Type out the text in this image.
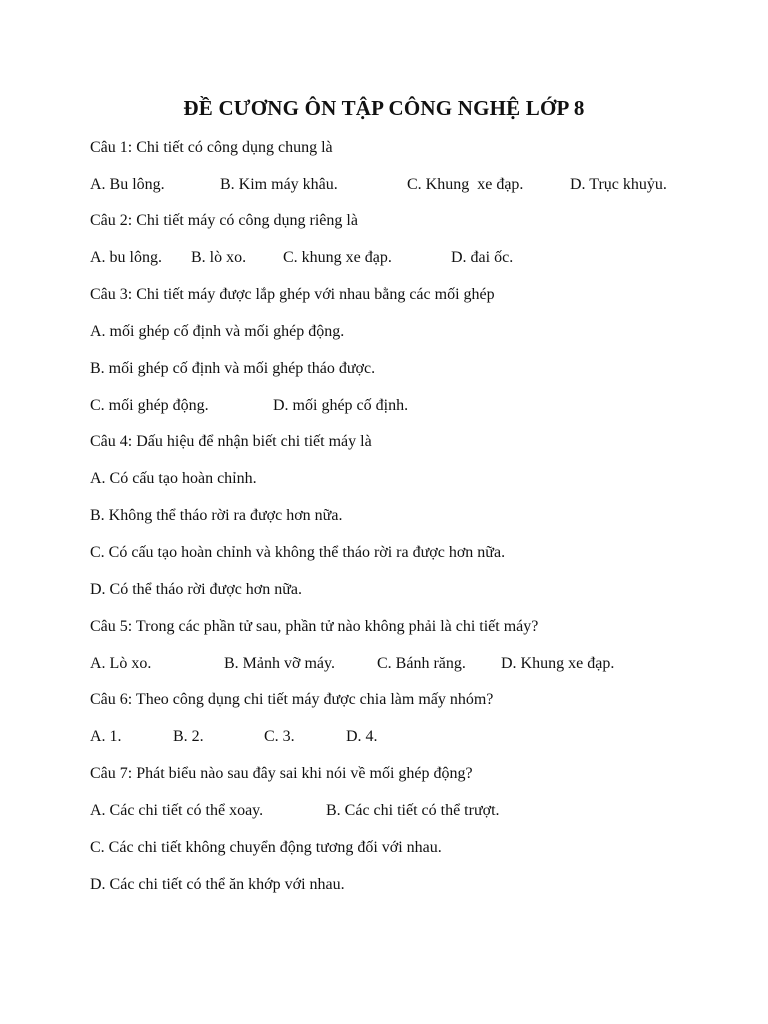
ĐỀ CƯƠNG ÔN TẬP CÔNG NGHỆ LỚP 8
Câu 1: Chi tiết có công dụng chung là
A. Bu lông.	B. Kim máy khâu.	C. Khung  xe đạp.	D. Trục khuỷu.
Câu 2: Chi tiết máy có công dụng riêng là
A. bu lông. B. lò xo. C. khung xe đạp.	D. đai ốc.
Câu 3: Chi tiết máy được lắp ghép với nhau bằng các mối ghép
A. mối ghép cố định và mối ghép động.
B. mối ghép cố định và mối ghép tháo được.
C. mối ghép động.	D. mối ghép cố định.
Câu 4: Dấu hiệu để nhận biết chi tiết máy là
A. Có cấu tạo hoàn chỉnh.
B. Không thể tháo rời ra được hơn nữa.
C. Có cấu tạo hoàn chỉnh và không thể tháo rời ra được hơn nữa.
D. Có thể tháo rời được hơn nữa.
Câu 5: Trong các phần tử sau, phần tử nào không phải là chi tiết máy?
A. Lò xo.	B. Mảnh vỡ máy.	C. Bánh răng. D. Khung xe đạp.
Câu 6: Theo công dụng chi tiết máy được chia làm mấy nhóm?
A. 1.	B. 2.	C. 3.	D. 4.
Câu 7: Phát biểu nào sau đây sai khi nói về mối ghép động?
A. Các chi tiết có thể xoay.	B. Các chi tiết có thể trượt.
C. Các chi tiết không chuyển động tương đối với nhau.
D. Các chi tiết có thể ăn khớp với nhau.
